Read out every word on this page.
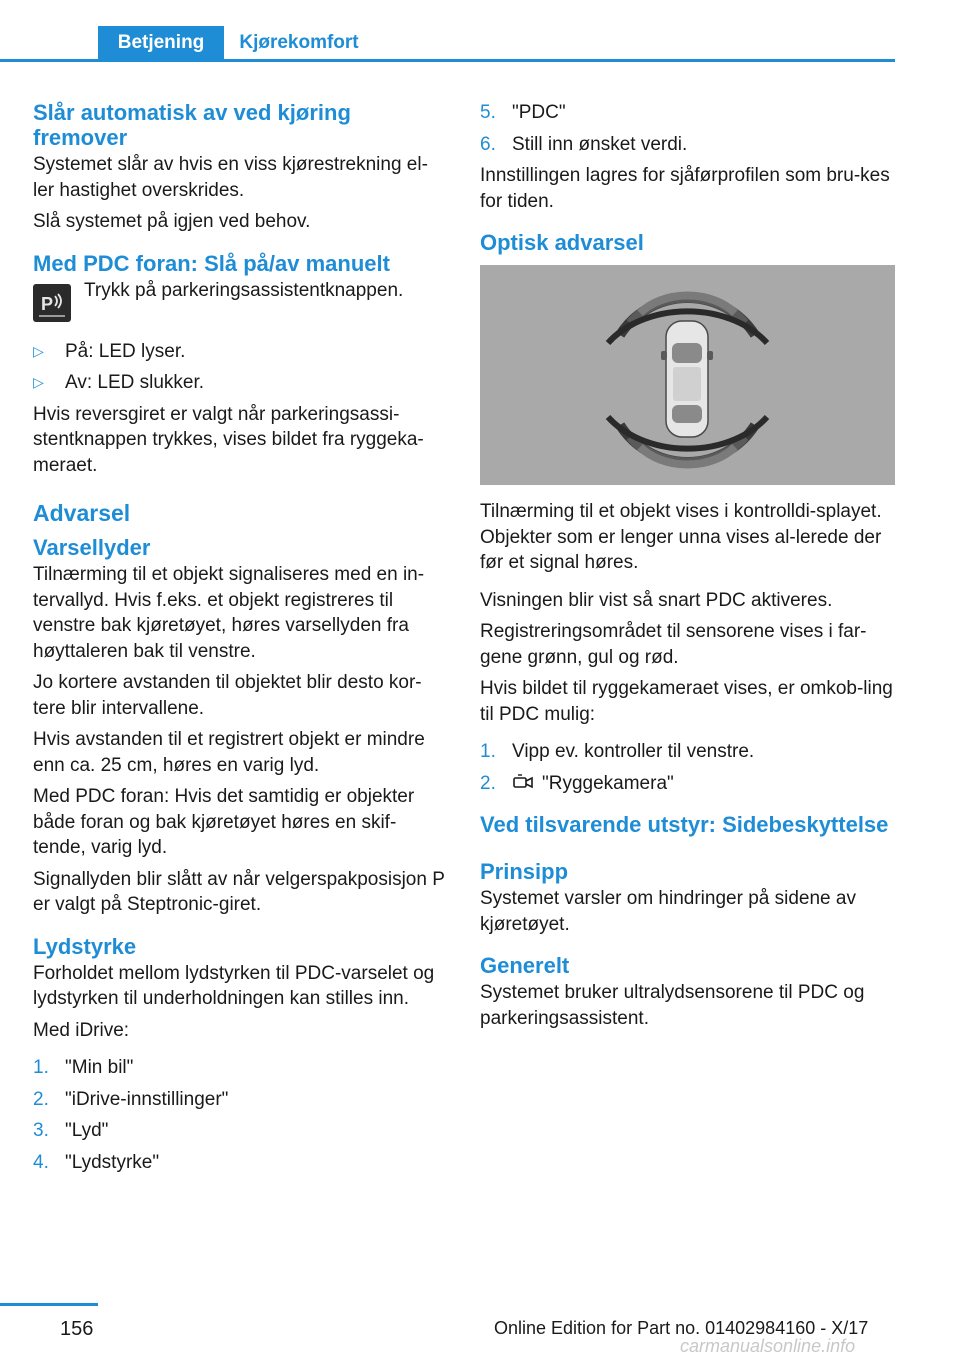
Betjening	Kjørekomfort
Slår automatisk av ved kjøring fremover

Systemet slår av hvis en viss kjørestrekning el‐ler hastighet overskrides.

Slå systemet på igjen ved behov.

Med PDC foran: Slå på/av manuelt
P

Trykk på parkeringsassistentknappen.

▷ På: LED lyser.
▷ Av: LED slukker.

Hvis reversgiret er valgt når parkeringsassi‐stentknappen trykkes, vises bildet fra ryggeka‐meraet.

Advarsel
Varsellyder

Tilnærming til et objekt signaliseres med en in‐tervallyd. Hvis f.eks. et objekt registreres til venstre bak kjøretøyet, høres varsellyden fra høyttaleren bak til venstre.

Jo kortere avstanden til objektet blir desto kor‐tere blir intervallene.

Hvis avstanden til et registrert objekt er mindre enn ca. 25 cm, høres en varig lyd.

Med PDC foran: Hvis det samtidig er objekter både foran og bak kjøretøyet høres en skif‐tende, varig lyd.

Signallyden blir slått av når velgerspakposisjon P er valgt på Steptronic-giret.

Lydstyrke

Forholdet mellom lydstyrken til PDC-varselet og lydstyrken til underholdningen kan stilles inn.

Med iDrive:

1. "Min bil"
2. "iDrive-innstillinger"
3. "Lyd"
4. "Lydstyrke"
5. "PDC"
6. Still inn ønsket verdi.

Innstillingen lagres for sjåførprofilen som bru‐kes for tiden.

Optisk advarsel

Tilnærming til et objekt vises i kontrolldi‐splayet. Objekter som er lenger unna vises al‐lerede der før et signal høres.

Visningen blir vist så snart PDC aktiveres.

Registreringsområdet til sensorene vises i far‐gene grønn, gul og rød.

Hvis bildet til ryggekameraet vises, er omkob‐ling til PDC mulig:

1. Vipp ev. kontroller til venstre.
2. "Ryggekamera"
Ved tilsvarende utstyr: Sidebeskyttelse
Prinsipp

Systemet varsler om hindringer på sidene av kjøretøyet.

Generelt

Systemet bruker ultralydsensorene til PDC og parkeringsassistent.

156	Online Edition for Part no. 01402984160 - X/17
carmanualsonline.info
